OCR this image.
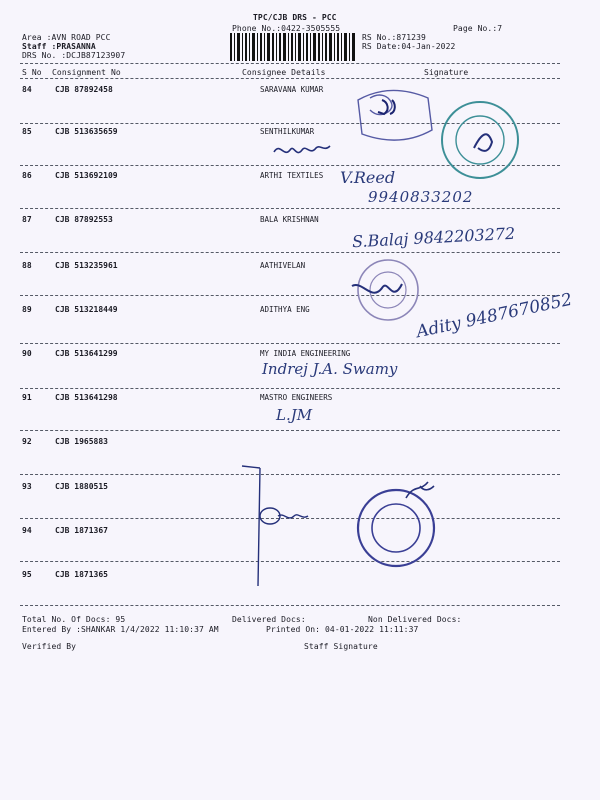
TPC/CJB DRS - PCC
Phone No.:0422-3505555	Page No.:7
Area :AVN ROAD PCC
Staff :PRASANNA
DRS No. :DCJB87123907
RS No.:871239
RS Date:04-Jan-2022
S No Consignment No	Consignee Details	Signature
84	CJB 87892458	SARAVANA KUMAR
85	CJB 513635659	SENTHILKUMAR
86	CJB 513692109	ARTHI TEXTILES
87	CJB 87892553	BALA KRISHNAN
88	CJB 513235961	AATHIVELAN
89	CJB 513218449	ADITHYA ENG
90	CJB 513641299	MY INDIA ENGINEERING
91	CJB 513641298	MASTRO ENGINEERS
92	CJB 1965883
93	CJB 1880515
94	CJB 1871367
95	CJB 1871365
V.Reed
9940833202
S.Balaj 9842203272
Adity 9487670852
Indrej J.A. Swamy
L.JM
Total No. Of Docs: 95	Delivered Docs:	Non Delivered Docs:
Entered By :SHANKAR 1/4/2022 11:10:37 AM	Printed On: 04-01-2022 11:11:37
Verified By	Staff Signature
